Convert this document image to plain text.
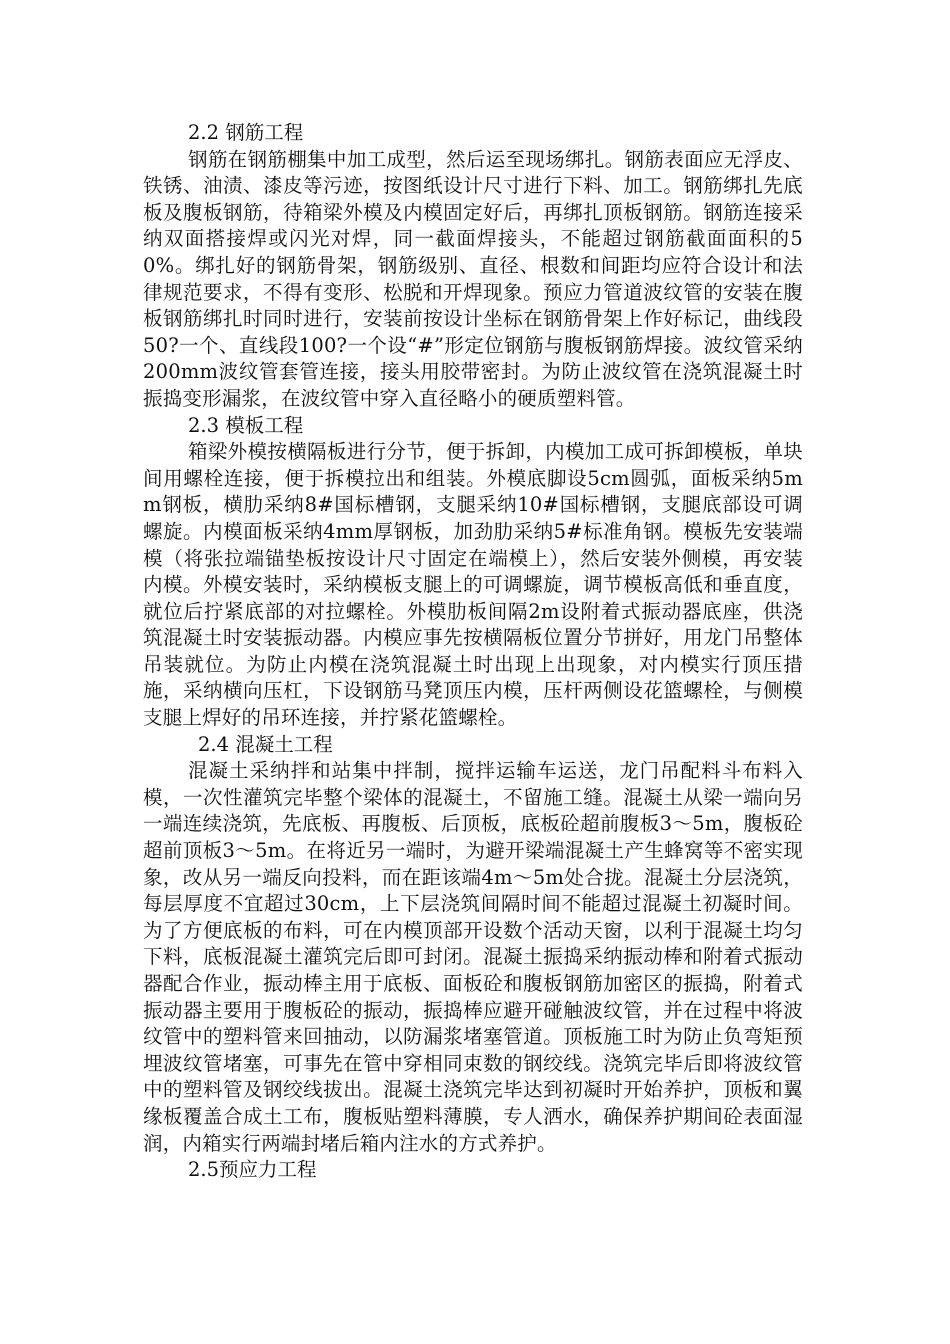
2.2 钢筋工程

钢筋在钢筋棚集中加工成型，然后运至现场绑扎。钢筋表面应无浮皮、铁锈、油渍、漆皮等污迹，按图纸设计尺寸进行下料、加工。钢筋绑扎先底板及腹板钢筋，待箱梁外模及内模固定好后，再绑扎顶板钢筋。钢筋连接采纳双面搭接焊或闪光对焊，同一截面焊接头，不能超过钢筋截面面积的50%。绑扎好的钢筋骨架，钢筋级别、直径、根数和间距均应符合设计和法律规范要求，不得有变形、松脱和开焊现象。预应力管道波纹管的安装在腹板钢筋绑扎时同时进行，安装前按设计坐标在钢筋骨架上作好标记，曲线段50?一个、直线段100?一个设“#”形定位钢筋与腹板钢筋焊接。波纹管采纳200mm波纹管套管连接，接头用胶带密封。为防止波纹管在浇筑混凝土时振捣变形漏浆，在波纹管中穿入直径略小的硬质塑料管。

2.3 模板工程

箱梁外模按横隔板进行分节，便于拆卸，内模加工成可拆卸模板，单块间用螺栓连接，便于拆模拉出和组装。外模底脚设5cm圆弧，面板采纳5mm钢板，横肋采纳8#国标槽钢，支腿采纳10#国标槽钢，支腿底部设可调螺旋。内模面板采纳4mm厚钢板，加劲肋采纳5#标准角钢。模板先安装端模（将张拉端锚垫板按设计尺寸固定在端模上），然后安装外侧模，再安装内模。外模安装时，采纳模板支腿上的可调螺旋，调节模板高低和垂直度，就位后拧紧底部的对拉螺栓。外模肋板间隔2m设附着式振动器底座，供浇筑混凝土时安装振动器。内模应事先按横隔板位置分节拼好，用龙门吊整体吊装就位。为防止内模在浇筑混凝土时出现上出现象，对内模实行顶压措施，采纳横向压杠，下设钢筋马凳顶压内模，压杆两侧设花篮螺栓，与侧模支腿上焊好的吊环连接，并拧紧花篮螺栓。

2.4 混凝土工程

混凝土采纳拌和站集中拌制，搅拌运输车运送，龙门吊配料斗布料入模，一次性灌筑完毕整个梁体的混凝土，不留施工缝。混凝土从梁一端向另一端连续浇筑，先底板、再腹板、后顶板，底板砼超前腹板3～5m，腹板砼超前顶板3～5m。在将近另一端时，为避开梁端混凝土产生蜂窝等不密实现象，改从另一端反向投料，而在距该端4m～5m处合拢。混凝土分层浇筑，每层厚度不宜超过30cm，上下层浇筑间隔时间不能超过混凝土初凝时间。为了方便底板的布料，可在内模顶部开设数个活动天窗，以利于混凝土均匀下料，底板混凝土灌筑完后即可封闭。混凝土振捣采纳振动棒和附着式振动器配合作业，振动棒主用于底板、面板砼和腹板钢筋加密区的振捣，附着式振动器主要用于腹板砼的振动，振捣棒应避开碰触波纹管，并在过程中将波纹管中的塑料管来回抽动，以防漏浆堵塞管道。顶板施工时为防止负弯矩预埋波纹管堵塞，可事先在管中穿相同束数的钢绞线。浇筑完毕后即将波纹管中的塑料管及钢绞线拔出。混凝土浇筑完毕达到初凝时开始养护，顶板和翼缘板覆盖合成土工布，腹板贴塑料薄膜，专人洒水，确保养护期间砼表面湿润，内箱实行两端封堵后箱内注水的方式养护。

2.5预应力工程
